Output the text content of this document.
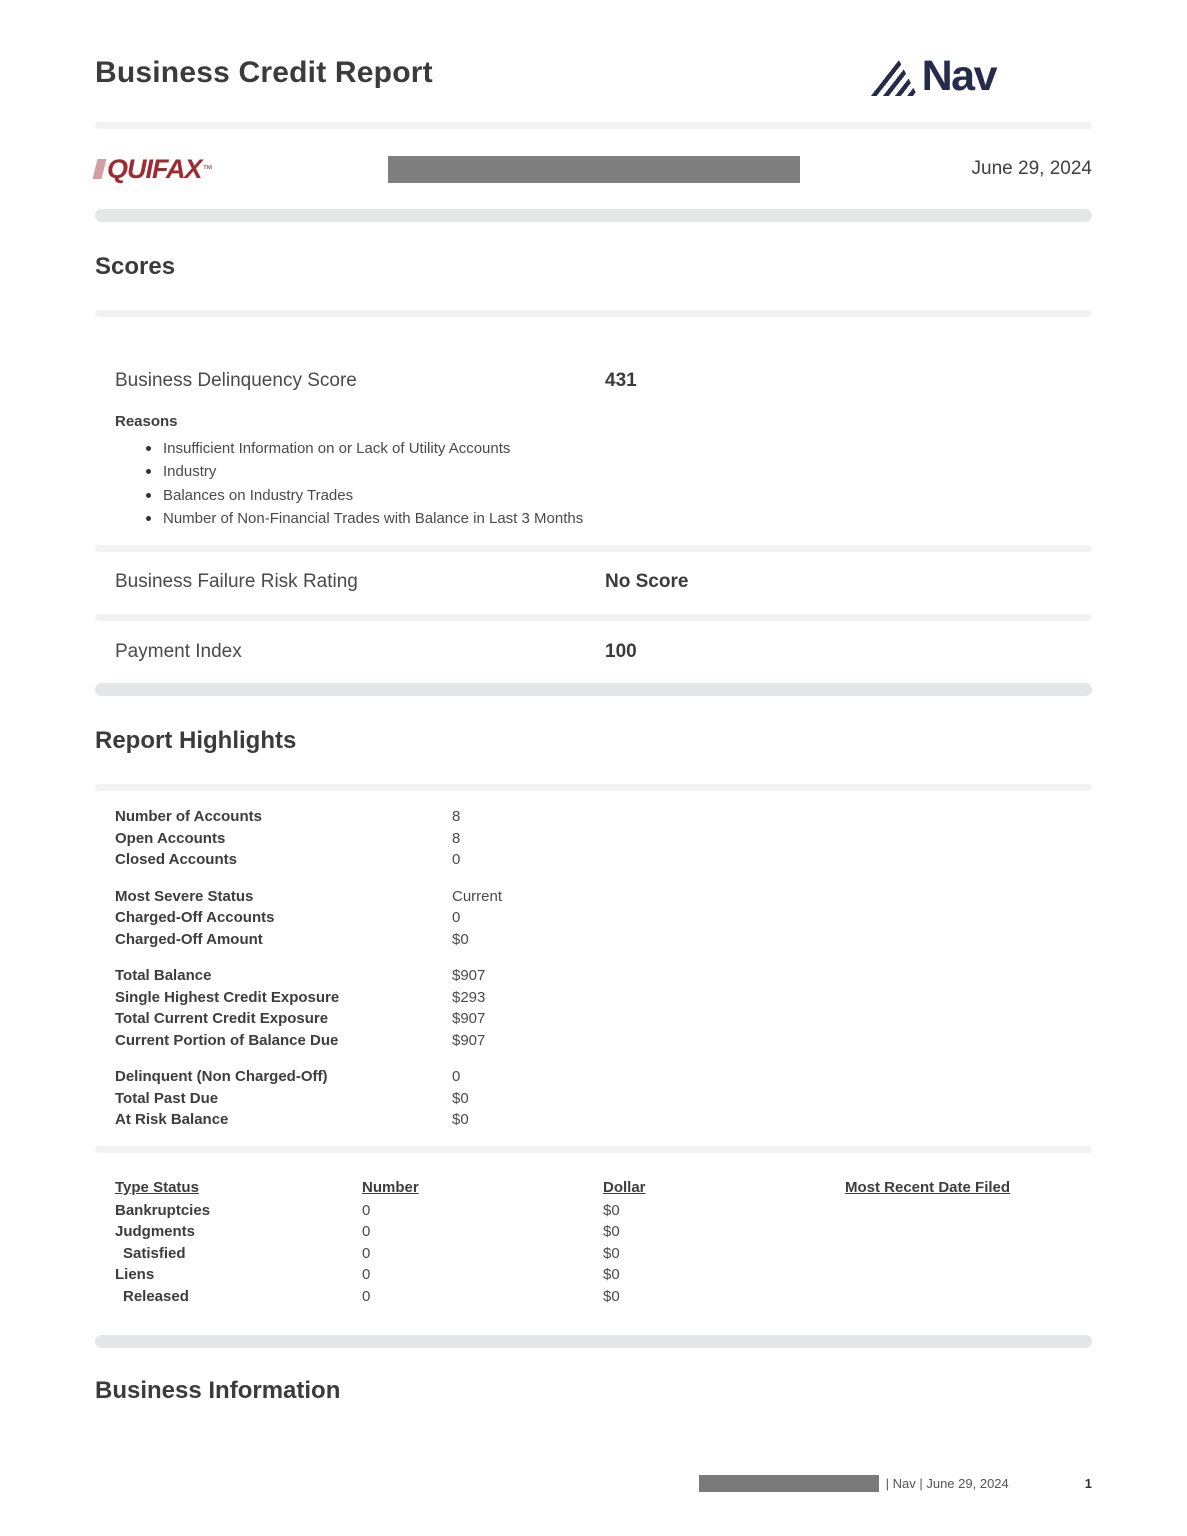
Business Credit Report	Nav
QUIFAX ™	June 29, 2024
Scores
Business Delinquency Score	431
Reasons
Insufficient Information on or Lack of Utility Accounts
Industry
Balances on Industry Trades
Number of Non-Financial Trades with Balance in Last 3 Months
Business Failure Risk Rating	No Score
Payment Index	100
Report Highlights
Number of Accounts	8
Open Accounts	8
Closed Accounts	0
Most Severe Status	Current
Charged-Off Accounts	0
Charged-Off Amount	$0
Total Balance	$907
Single Highest Credit Exposure	$293
Total Current Credit Exposure	$907
Current Portion of Balance Due	$907
Delinquent (Non Charged-Off)	0
Total Past Due	$0
At Risk Balance	$0
Type Status	Number	Dollar	Most Recent Date Filed
Bankruptcies	0	$0
Judgments	0	$0
Satisfied	0	$0
Liens	0	$0
Released	0	$0
Business Information
| Nav | June 29, 2024	1
